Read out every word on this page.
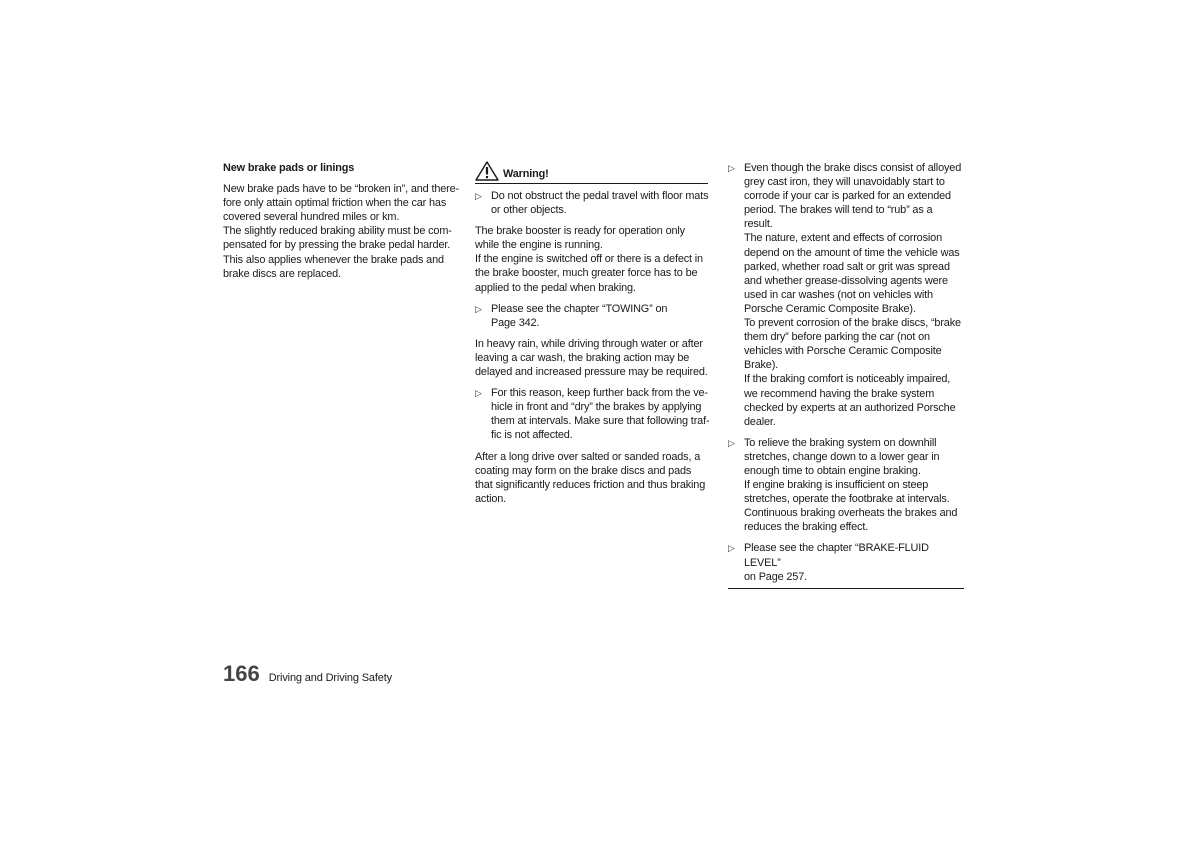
New brake pads or linings
New brake pads have to be “broken in”, and there-
fore only attain optimal friction when the car has
covered several hundred miles or km.
The slightly reduced braking ability must be com-
pensated for by pressing the brake pedal harder.
This also applies whenever the brake pads and
brake discs are replaced.
Warning!
▷ Do not obstruct the pedal travel with floor mats
or other objects.
The brake booster is ready for operation only
while the engine is running.
If the engine is switched off or there is a defect in
the brake booster, much greater force has to be
applied to the pedal when braking.
▷ Please see the chapter “TOWING” on
Page 342.
In heavy rain, while driving through water or after
leaving a car wash, the braking action may be
delayed and increased pressure may be required.
▷ For this reason, keep further back from the ve-
hicle in front and “dry” the brakes by applying
them at intervals. Make sure that following traf-
fic is not affected.
After a long drive over salted or sanded roads, a
coating may form on the brake discs and pads
that significantly reduces friction and thus braking
action.
▷ Even though the brake discs consist of alloyed
grey cast iron, they will unavoidably start to
corrode if your car is parked for an extended
period. The brakes will tend to “rub” as a
result.
The nature, extent and effects of corrosion
depend on the amount of time the vehicle was
parked, whether road salt or grit was spread
and whether grease-dissolving agents were
used in car washes (not on vehicles with
Porsche Ceramic Composite Brake).
To prevent corrosion of the brake discs, “brake
them dry” before parking the car (not on
vehicles with Porsche Ceramic Composite
Brake).
If the braking comfort is noticeably impaired,
we recommend having the brake system
checked by experts at an authorized Porsche
dealer.
▷ To relieve the braking system on downhill
stretches, change down to a lower gear in
enough time to obtain engine braking.
If engine braking is insufficient on steep
stretches, operate the footbrake at intervals.
Continuous braking overheats the brakes and
reduces the braking effect.
▷ Please see the chapter “BRAKE-FLUID LEVEL”
on Page 257.
166 Driving and Driving Safety
